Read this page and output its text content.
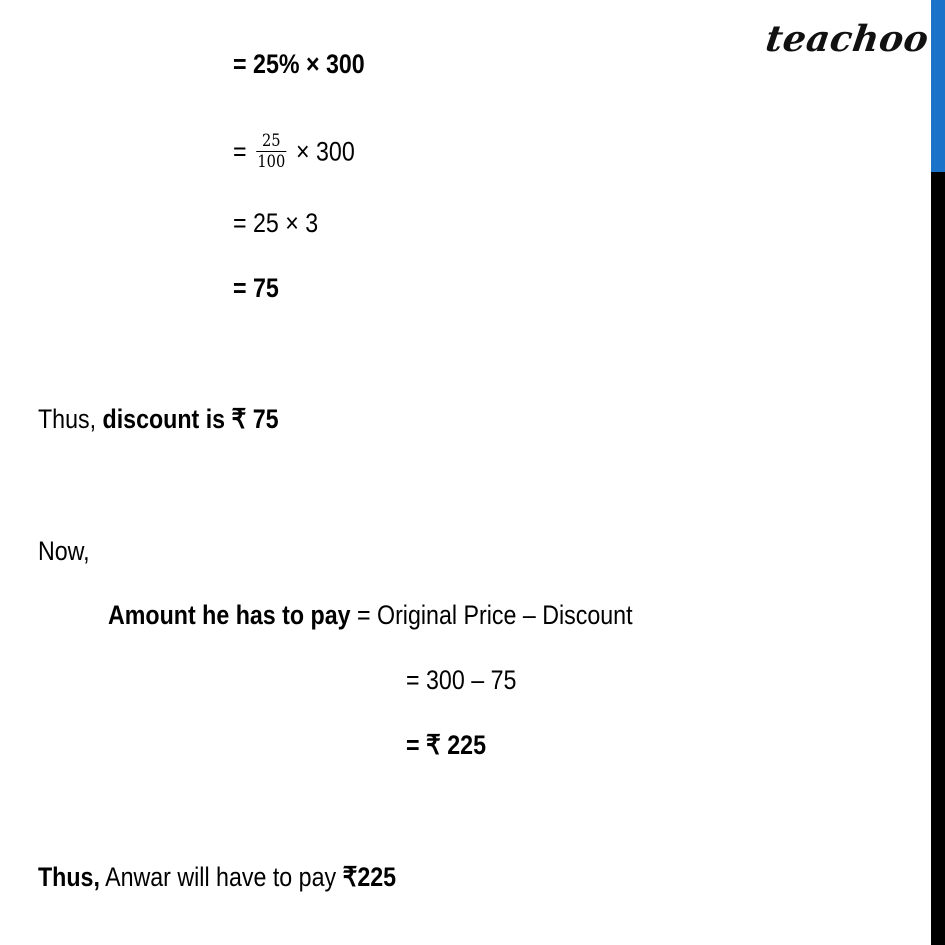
teachoo
= 25% × 300
= $\frac{25}{100} \times 300$
= 25 × 3
= 75
Thus, discount is ₹ 75
Now,
Amount he has to pay = Original Price – Discount
= 300 – 75
= ₹ 225
Thus, Anwar will have to pay ₹225
